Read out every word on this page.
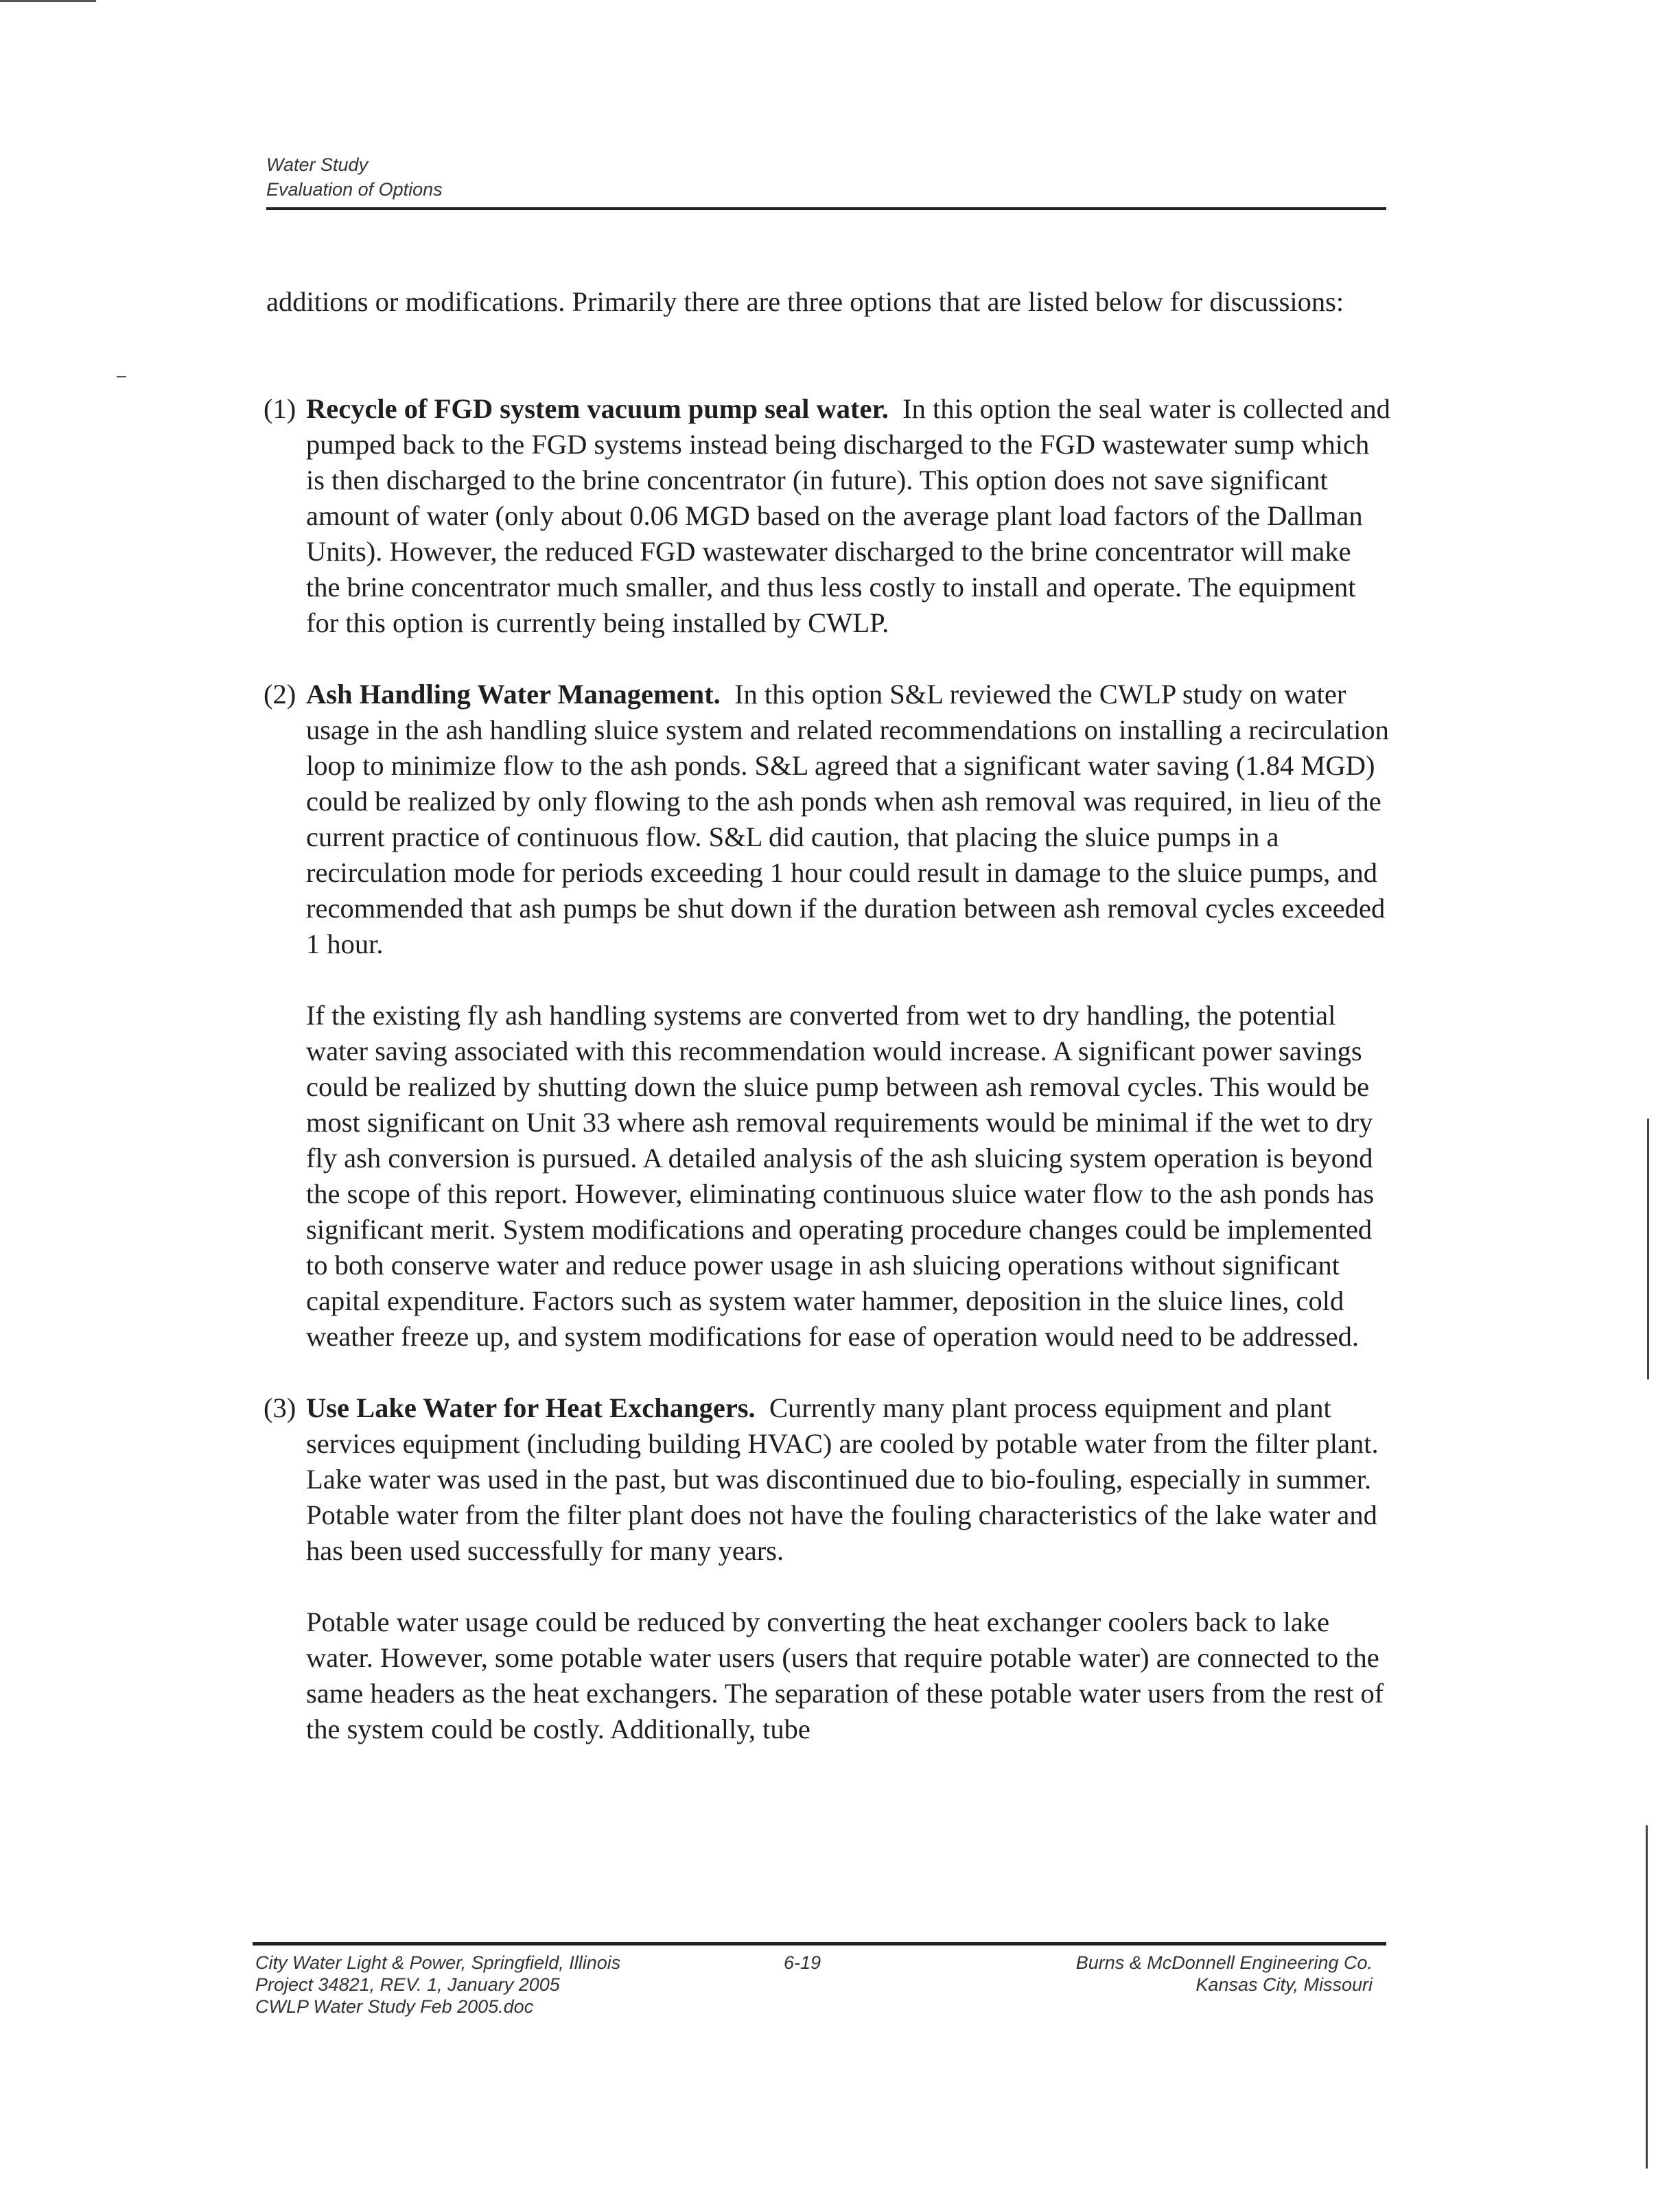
Water Study
Evaluation of Options

additions or modifications. Primarily there are three options that are listed below for discussions:

(1) Recycle of FGD system vacuum pump seal water. In this option the seal water is collected and pumped back to the FGD systems instead being discharged to the FGD wastewater sump which is then discharged to the brine concentrator (in future). This option does not save significant amount of water (only about 0.06 MGD based on the average plant load factors of the Dallman Units). However, the reduced FGD wastewater discharged to the brine concentrator will make the brine concentrator much smaller, and thus less costly to install and operate. The equipment for this option is currently being installed by CWLP.

(2) Ash Handling Water Management. In this option S&L reviewed the CWLP study on water usage in the ash handling sluice system and related recommendations on installing a recirculation loop to minimize flow to the ash ponds. S&L agreed that a significant water saving (1.84 MGD) could be realized by only flowing to the ash ponds when ash removal was required, in lieu of the current practice of continuous flow. S&L did caution, that placing the sluice pumps in a recirculation mode for periods exceeding 1 hour could result in damage to the sluice pumps, and recommended that ash pumps be shut down if the duration between ash removal cycles exceeded 1 hour.

If the existing fly ash handling systems are converted from wet to dry handling, the potential water saving associated with this recommendation would increase. A significant power savings could be realized by shutting down the sluice pump between ash removal cycles. This would be most significant on Unit 33 where ash removal requirements would be minimal if the wet to dry fly ash conversion is pursued. A detailed analysis of the ash sluicing system operation is beyond the scope of this report. However, eliminating continuous sluice water flow to the ash ponds has significant merit. System modifications and operating procedure changes could be implemented to both conserve water and reduce power usage in ash sluicing operations without significant capital expenditure. Factors such as system water hammer, deposition in the sluice lines, cold weather freeze up, and system modifications for ease of operation would need to be addressed.

(3) Use Lake Water for Heat Exchangers. Currently many plant process equipment and plant services equipment (including building HVAC) are cooled by potable water from the filter plant. Lake water was used in the past, but was discontinued due to bio-fouling, especially in summer. Potable water from the filter plant does not have the fouling characteristics of the lake water and has been used successfully for many years.

Potable water usage could be reduced by converting the heat exchanger coolers back to lake water. However, some potable water users (users that require potable water) are connected to the same headers as the heat exchangers. The separation of these potable water users from the rest of the system could be costly. Additionally, tube

City Water Light & Power, Springfield, Illinois
Project 34821, REV. 1, January 2005
CWLP Water Study Feb 2005.doc
6-19	Burns & McDonnell Engineering Co.
Kansas City, Missouri
